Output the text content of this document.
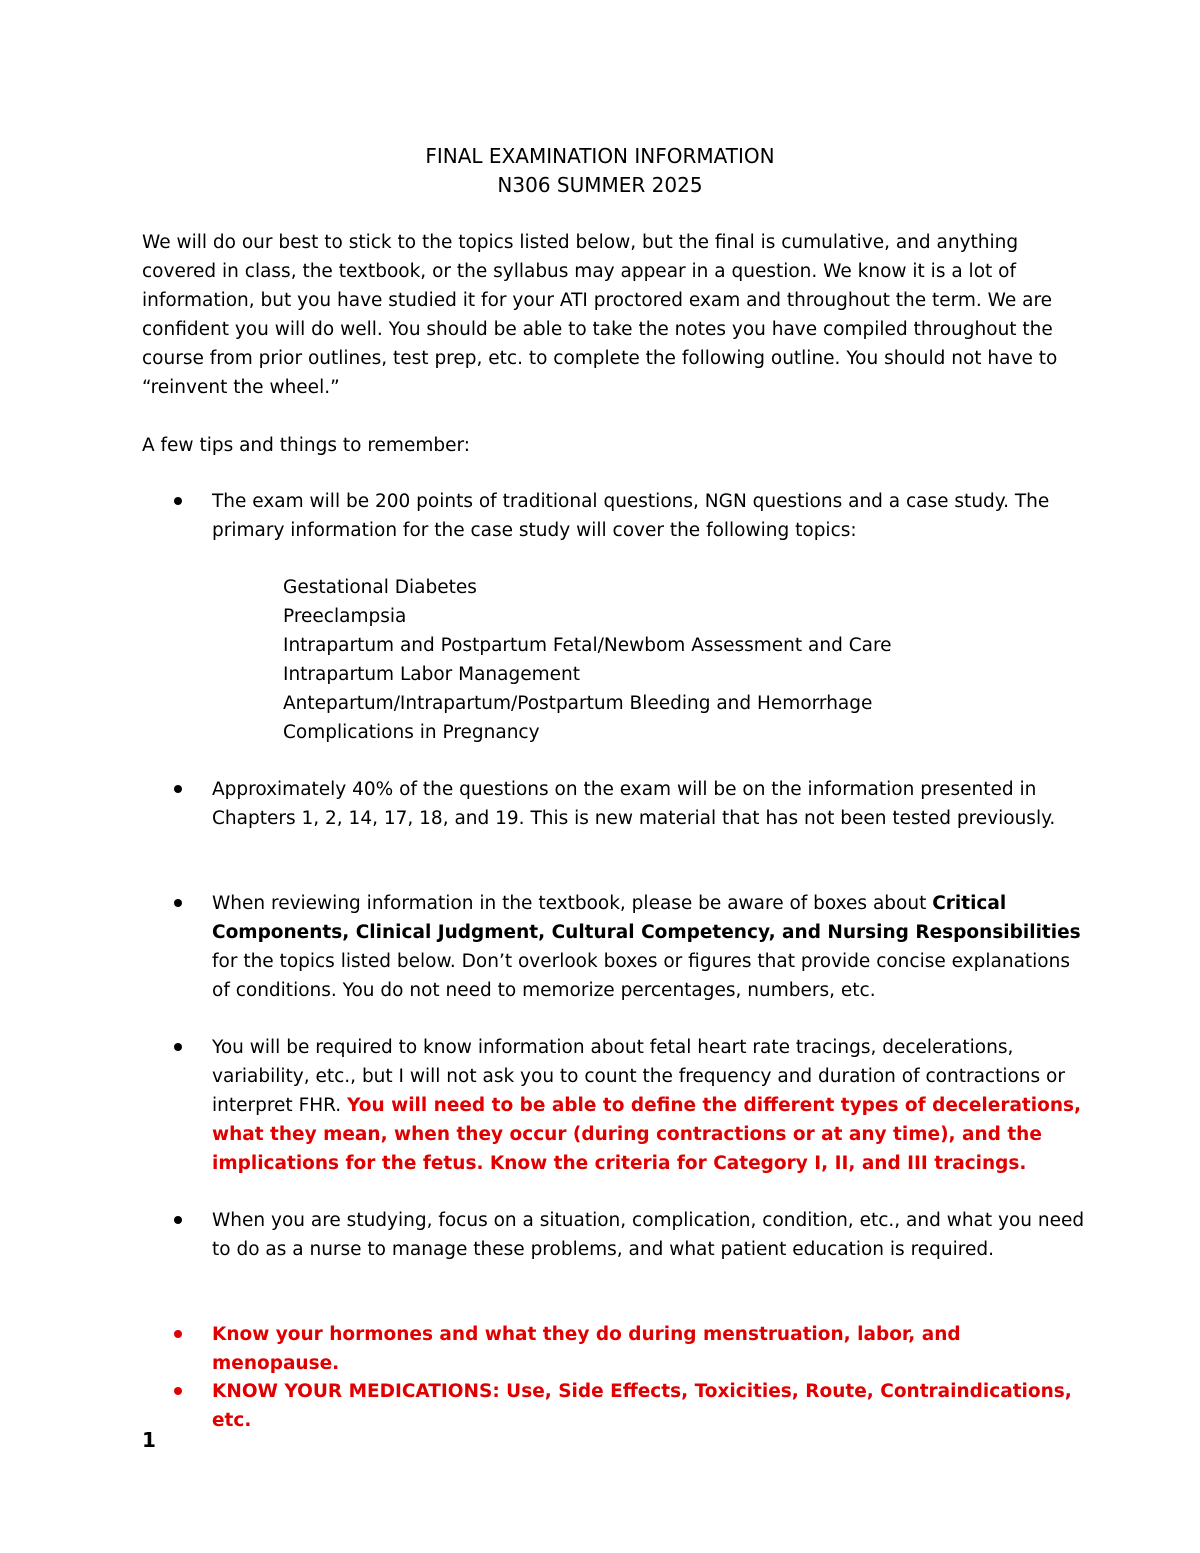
FINAL EXAMINATION INFORMATION
N306 SUMMER 2025

We will do our best to stick to the topics listed below, but the final is cumulative, and anything covered in class, the textbook, or the syllabus may appear in a question. We know it is a lot of information, but you have studied it for your ATI proctored exam and throughout the term. We are confident you will do well. You should be able to take the notes you have compiled throughout the course from prior outlines, test prep, etc. to complete the following outline. You should not have to “reinvent the wheel.”

A few tips and things to remember:

The exam will be 200 points of traditional questions, NGN questions and a case study. The primary information for the case study will cover the following topics:
Gestational Diabetes
Preeclampsia
Intrapartum and Postpartum Fetal/Newbom Assessment and Care
Intrapartum Labor Management
Antepartum/Intrapartum/Postpartum Bleeding and Hemorrhage
Complications in Pregnancy
Approximately 40% of the questions on the exam will be on the information presented in Chapters 1, 2, 14, 17, 18, and 19. This is new material that has not been tested previously.
When reviewing information in the textbook, please be aware of boxes about Critical Components, Clinical Judgment, Cultural Competency, and Nursing Responsibilities for the topics listed below. Don’t overlook boxes or figures that provide concise explanations of conditions. You do not need to memorize percentages, numbers, etc.
You will be required to know information about fetal heart rate tracings, decelerations, variability, etc., but I will not ask you to count the frequency and duration of contractions or interpret FHR. You will need to be able to define the different types of decelerations, what they mean, when they occur (during contractions or at any time), and the implications for the fetus. Know the criteria for Category I, II, and III tracings.
When you are studying, focus on a situation, complication, condition, etc., and what you need to do as a nurse to manage these problems, and what patient education is required.
Know your hormones and what they do during menstruation, labor, and menopause.
KNOW YOUR MEDICATIONS: Use, Side Effects, Toxicities, Route, Contraindications, etc.
1
